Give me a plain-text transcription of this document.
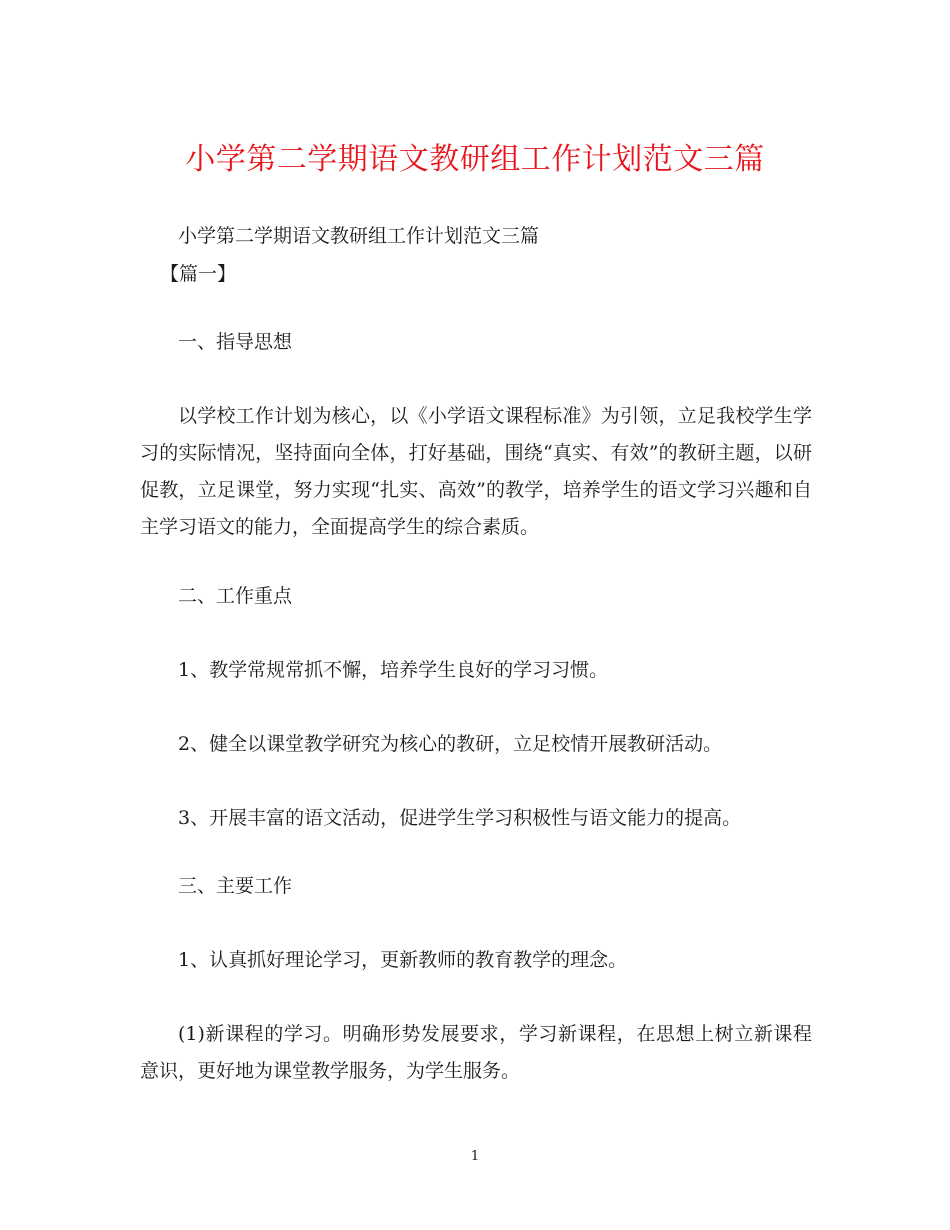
小学第二学期语文教研组工作计划范文三篇

小学第二学期语文教研组工作计划范文三篇

【篇一】

一、指导思想

以学校工作计划为核心，以《小学语文课程标准》为引领，立足我校学生学习的实际情况，坚持面向全体，打好基础，围绕“真实、有效”的教研主题，以研促教，立足课堂，努力实现“扎实、高效”的教学，培养学生的语文学习兴趣和自主学习语文的能力，全面提高学生的综合素质。

二、工作重点

1、教学常规常抓不懈，培养学生良好的学习习惯。

2、健全以课堂教学研究为核心的教研，立足校情开展教研活动。

3、开展丰富的语文活动，促进学生学习积极性与语文能力的提高。

三、主要工作

1、认真抓好理论学习，更新教师的教育教学的理念。

(1)新课程的学习。明确形势发展要求，学习新课程，在思想上树立新课程意识，更好地为课堂教学服务，为学生服务。

1
